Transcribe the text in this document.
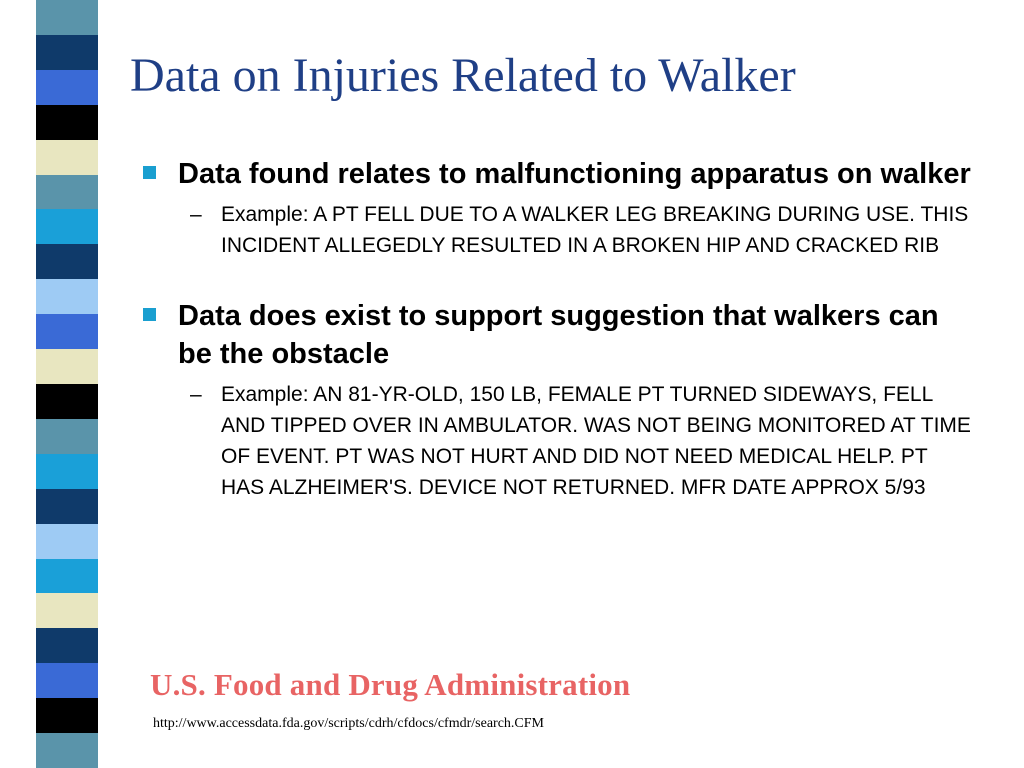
Data on Injuries Related to Walker
Data found relates to malfunctioning apparatus on walker
– Example: A PT FELL DUE TO A WALKER LEG BREAKING DURING USE. THIS INCIDENT ALLEGEDLY RESULTED IN A BROKEN HIP AND CRACKED RIB
Data does exist to support suggestion that walkers can be the obstacle
– Example: AN 81-YR-OLD, 150 LB, FEMALE PT TURNED SIDEWAYS, FELL AND TIPPED OVER IN AMBULATOR. WAS NOT BEING MONITORED AT TIME OF EVENT. PT WAS NOT HURT AND DID NOT NEED MEDICAL HELP. PT HAS ALZHEIMER'S. DEVICE NOT RETURNED. MFR DATE APPROX 5/93
U.S. Food and Drug Administration
http://www.accessdata.fda.gov/scripts/cdrh/cfdocs/cfmdr/search.CFM
